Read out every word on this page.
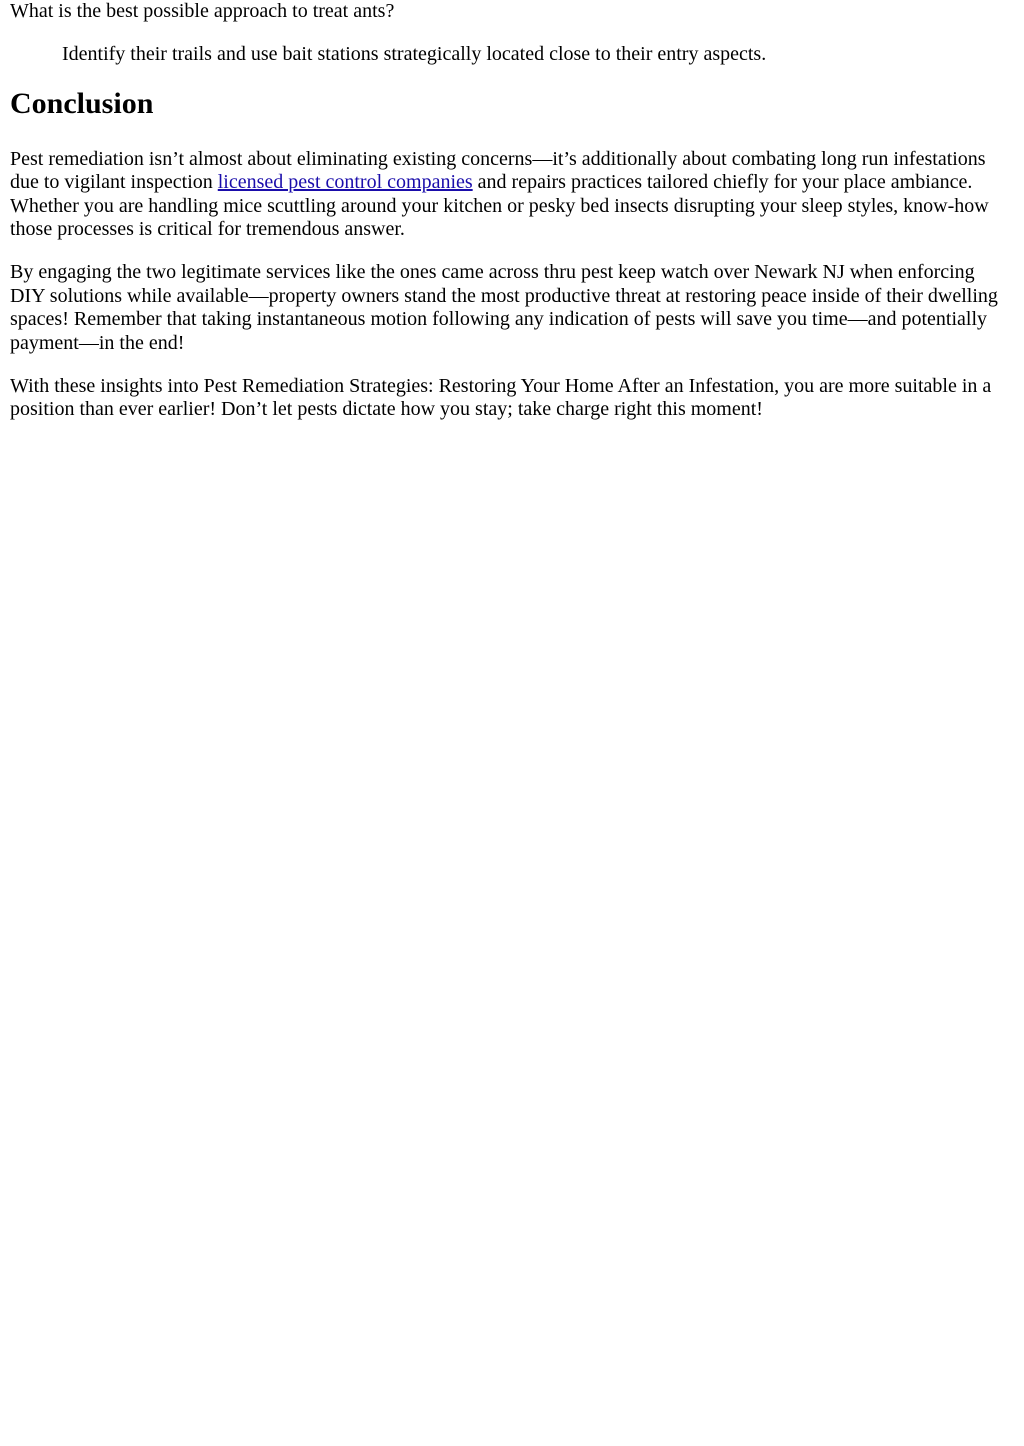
What is the best possible approach to treat ants?

Identify their trails and use bait stations strategically located close to their entry aspects.

Conclusion

Pest remediation isn’t almost about eliminating existing concerns—it’s additionally about combating long run infestations due to vigilant inspection licensed pest control companies and repairs practices tailored chiefly for your place ambiance. Whether you are handling mice scuttling around your kitchen or pesky bed insects disrupting your sleep styles, know-how those processes is critical for tremendous answer.

By engaging the two legitimate services like the ones came across thru pest keep watch over Newark NJ when enforcing DIY solutions while available—property owners stand the most productive threat at restoring peace inside of their dwelling spaces! Remember that taking instantaneous motion following any indication of pests will save you time—and potentially payment—in the end!

With these insights into Pest Remediation Strategies: Restoring Your Home After an Infestation, you are more suitable in a position than ever earlier! Don’t let pests dictate how you stay; take charge right this moment!
